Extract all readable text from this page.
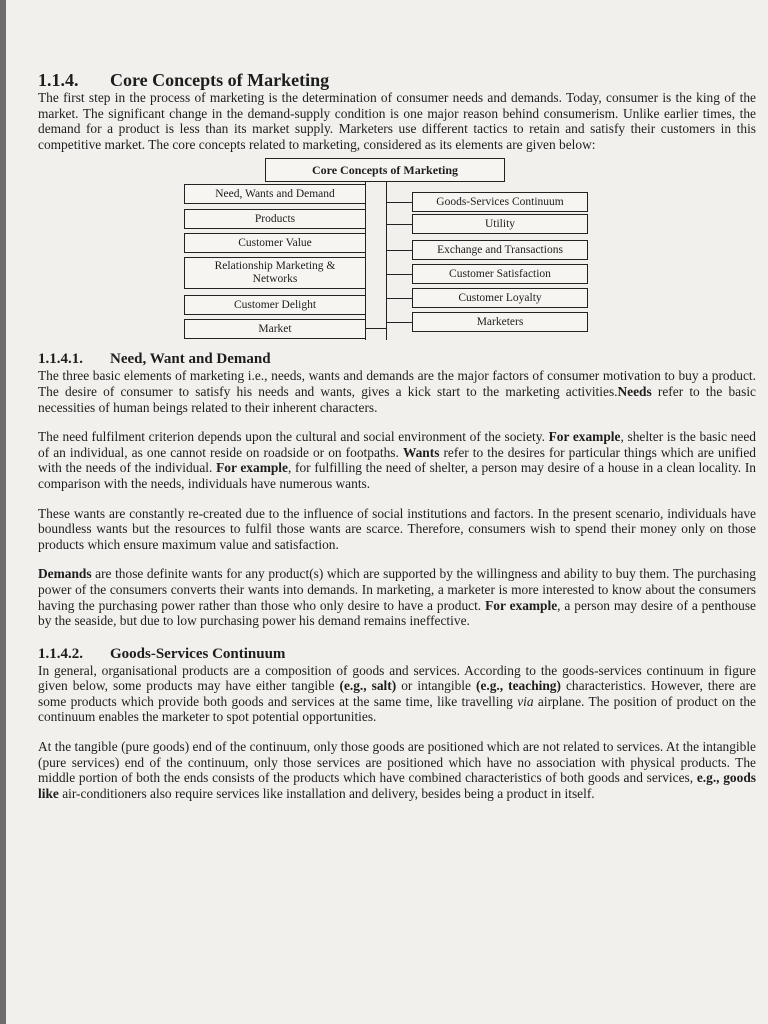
1.1.4. Core Concepts of Marketing

The first step in the process of marketing is the determination of consumer needs and demands. Today, consumer is the king of the market. The significant change in the demand-supply condition is one major reason behind consumerism. Unlike earlier times, the demand for a product is less than its market supply. Marketers use different tactics to retain and satisfy their customers in this competitive market. The core concepts related to marketing, considered as its elements are given below:

Core Concepts of Marketing
Need, Wants and Demand
Products
Customer Value
Relationship Marketing & Networks
Customer Delight
Market
Goods-Services Continuum
Utility
Exchange and Transactions
Customer Satisfaction
Customer Loyalty
Marketers
1.1.4.1. Need, Want and Demand

The three basic elements of marketing i.e., needs, wants and demands are the major factors of consumer motivation to buy a product. The desire of consumer to satisfy his needs and wants, gives a kick start to the marketing activities.Needs refer to the basic necessities of human beings related to their inherent characters.

The need fulfilment criterion depends upon the cultural and social environment of the society. For example, shelter is the basic need of an individual, as one cannot reside on roadside or on footpaths. Wants refer to the desires for particular things which are unified with the needs of the individual. For example, for fulfilling the need of shelter, a person may desire of a house in a clean locality. In comparison with the needs, individuals have numerous wants.

These wants are constantly re-created due to the influence of social institutions and factors. In the present scenario, individuals have boundless wants but the resources to fulfil those wants are scarce. Therefore, consumers wish to spend their money only on those products which ensure maximum value and satisfaction.

Demands are those definite wants for any product(s) which are supported by the willingness and ability to buy them. The purchasing power of the consumers converts their wants into demands. In marketing, a marketer is more interested to know about the consumers having the purchasing power rather than those who only desire to have a product. For example, a person may desire of a penthouse by the seaside, but due to low purchasing power his demand remains ineffective.

1.1.4.2. Goods-Services Continuum

In general, organisational products are a composition of goods and services. According to the goods-services continuum in figure given below, some products may have either tangible (e.g., salt) or intangible (e.g., teaching) characteristics. However, there are some products which provide both goods and services at the same time, like travelling via airplane. The position of product on the continuum enables the marketer to spot potential opportunities.

At the tangible (pure goods) end of the continuum, only those goods are positioned which are not related to services. At the intangible (pure services) end of the continuum, only those services are positioned which have no association with physical products. The middle portion of both the ends consists of the products which have combined characteristics of both goods and services, e.g., goods like air-conditioners also require services like installation and delivery, besides being a product in itself.
